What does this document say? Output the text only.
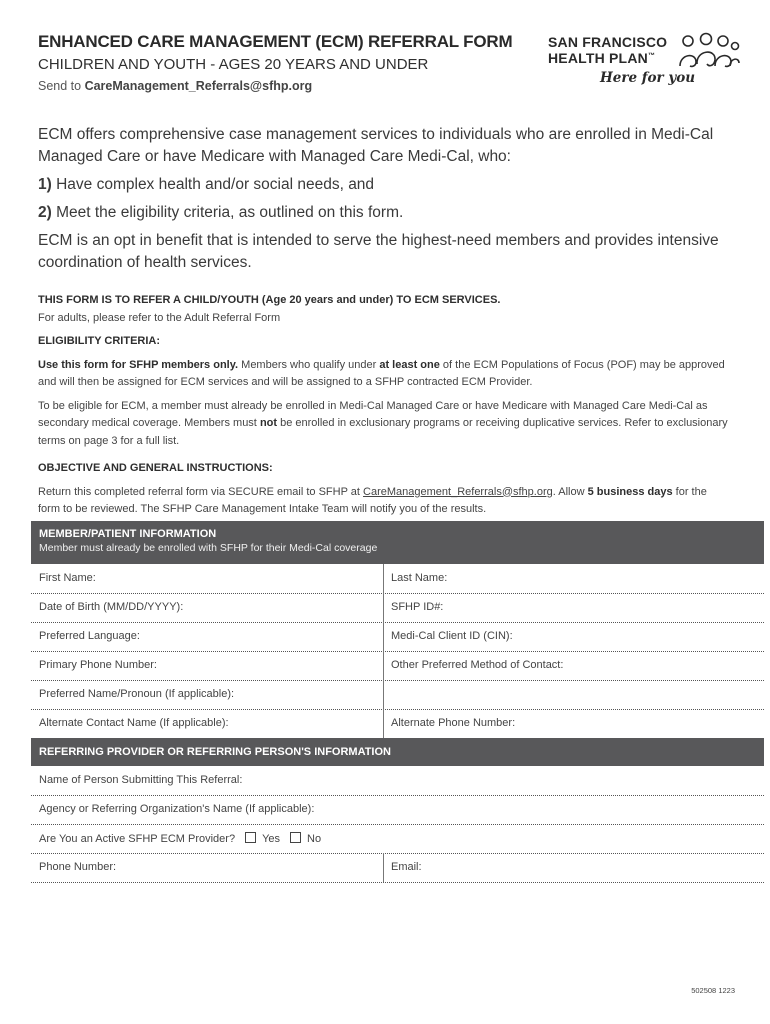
ENHANCED CARE MANAGEMENT (ECM) REFERRAL FORM
CHILDREN AND YOUTH - AGES 20 YEARS AND UNDER
Send to CareManagement_Referrals@sfhp.org
SAN FRANCISCO
HEALTH PLAN™
Here for you

ECM offers comprehensive case management services to individuals who are enrolled in Medi-Cal Managed Care or have Medicare with Managed Care Medi-Cal, who:

1) Have complex health and/or social needs, and

2) Meet the eligibility criteria, as outlined on this form.

ECM is an opt in benefit that is intended to serve the highest-need members and provides intensive coordination of health services.

THIS FORM IS TO REFER A CHILD/YOUTH (Age 20 years and under) TO ECM SERVICES.
For adults, please refer to the Adult Referral Form
ELIGIBILITY CRITERIA:
Use this form for SFHP members only. Members who qualify under at least one of the ECM Populations of Focus (POF) may be approved and will then be assigned for ECM services and will be assigned to a SFHP contracted ECM Provider.
To be eligible for ECM, a member must already be enrolled in Medi-Cal Managed Care or have Medicare with Managed Care Medi-Cal as secondary medical coverage. Members must not be enrolled in exclusionary programs or receiving duplicative services. Refer to exclusionary terms on page 3 for a full list.
OBJECTIVE AND GENERAL INSTRUCTIONS:
Return this completed referral form via SECURE email to SFHP at CareManagement_Referrals@sfhp.org. Allow 5 business days for the form to be reviewed. The SFHP Care Management Intake Team will notify you of the results.
MEMBER/PATIENT INFORMATION
Member must already be enrolled with SFHP for their Medi-Cal coverage
First Name:	Last Name:
Date of Birth (MM/DD/YYYY):	SFHP ID#:
Preferred Language:	Medi-Cal Client ID (CIN):
Primary Phone Number:	Other Preferred Method of Contact:
Preferred Name/Pronoun (If applicable):
Alternate Contact Name (If applicable):	Alternate Phone Number:
REFERRING PROVIDER OR REFERRING PERSON'S INFORMATION
Name of Person Submitting This Referral:
Agency or Referring Organization's Name (If applicable):
Are You an Active SFHP ECM Provider? Yes No
Phone Number:	Email:
502508 1223
